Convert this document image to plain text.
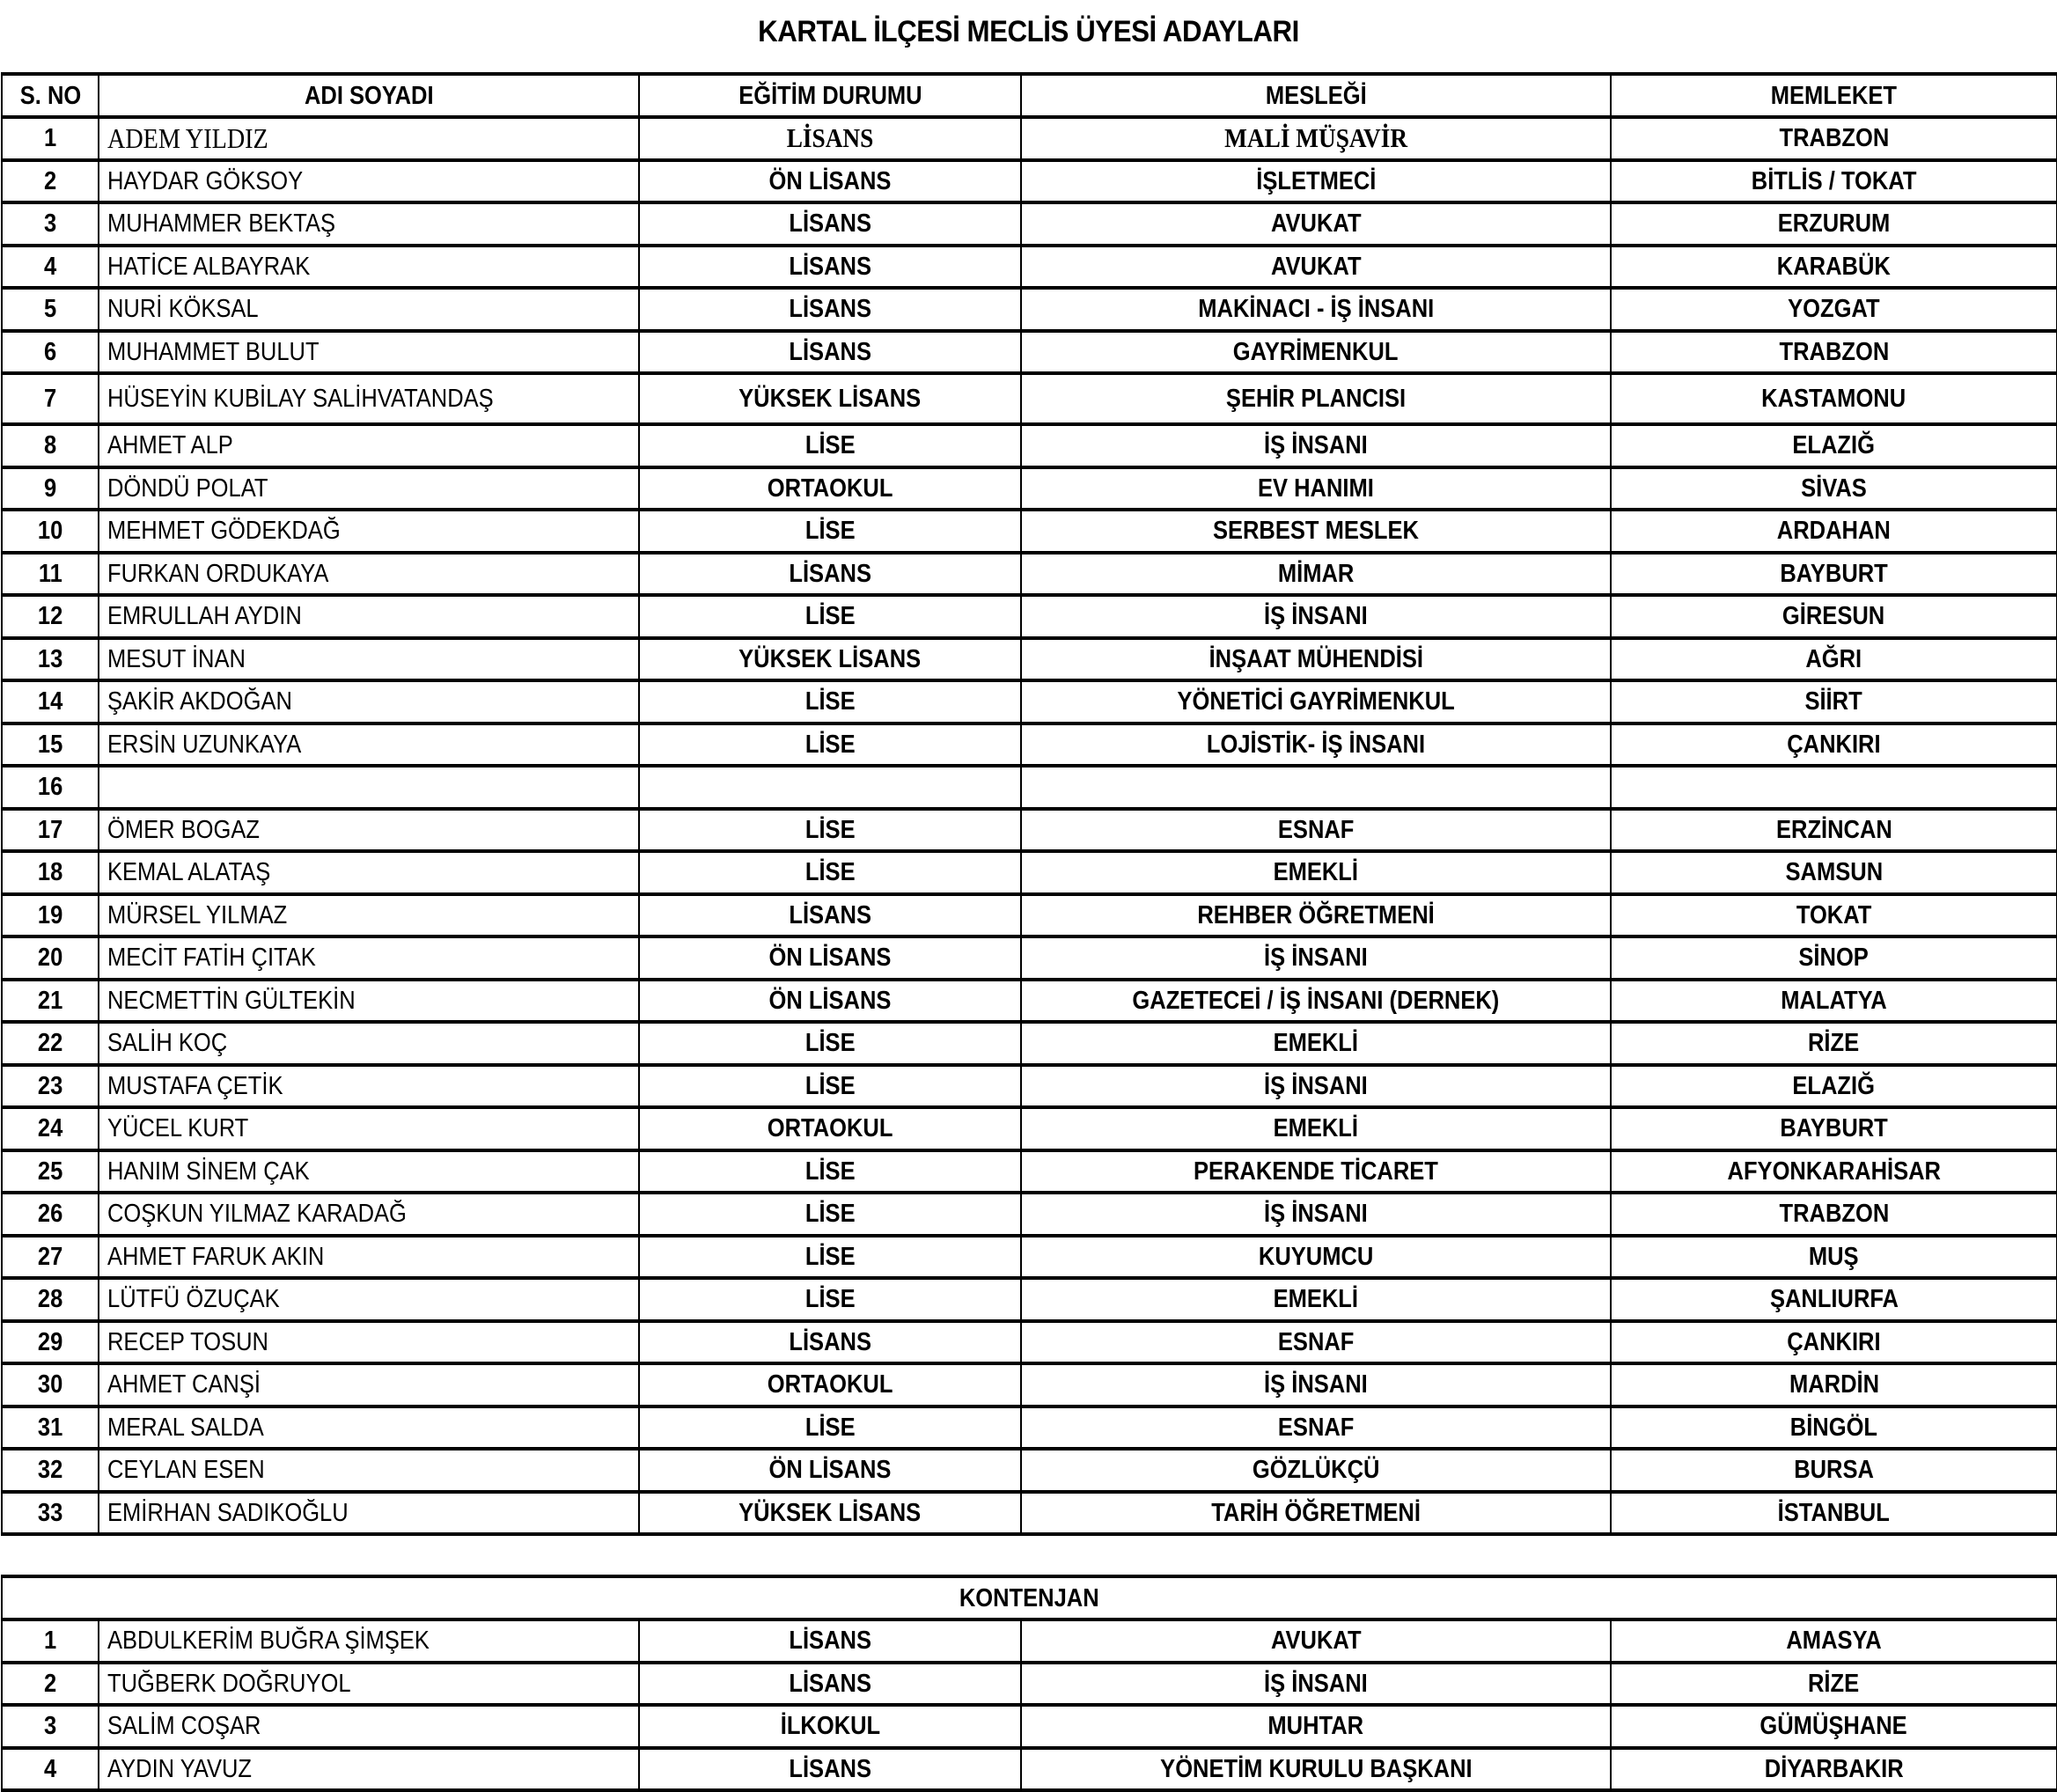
KARTAL İLÇESİ MECLİS ÜYESİ ADAYLARI
S. NO	ADI SOYADI	EĞİTİM DURUMU	MESLEĞİ	MEMLEKET
1	ADEM YILDIZ	LİSANS	MALİ MÜŞAVİR	TRABZON
2	HAYDAR GÖKSOY	ÖN LİSANS	İŞLETMECİ	BİTLİS / TOKAT
3	MUHAMMER BEKTAŞ	LİSANS	AVUKAT	ERZURUM
4	HATİCE ALBAYRAK	LİSANS	AVUKAT	KARABÜK
5	NURİ KÖKSAL	LİSANS	MAKİNACI - İŞ İNSANI	YOZGAT
6	MUHAMMET BULUT	LİSANS	GAYRİMENKUL	TRABZON
7	HÜSEYİN KUBİLAY SALİHVATANDAŞ	YÜKSEK LİSANS	ŞEHİR PLANCISI	KASTAMONU
8	AHMET ALP	LİSE	İŞ İNSANI	ELAZIĞ
9	DÖNDÜ POLAT	ORTAOKUL	EV HANIMI	SİVAS
10	MEHMET GÖDEKDAĞ	LİSE	SERBEST MESLEK	ARDAHAN
11	FURKAN ORDUKAYA	LİSANS	MİMAR	BAYBURT
12	EMRULLAH AYDIN	LİSE	İŞ İNSANI	GİRESUN
13	MESUT İNAN	YÜKSEK LİSANS	İNŞAAT MÜHENDİSİ	AĞRI
14	ŞAKİR AKDOĞAN	LİSE	YÖNETİCİ GAYRİMENKUL	SİİRT
15	ERSİN UZUNKAYA	LİSE	LOJİSTİK- İŞ İNSANI	ÇANKIRI
16				
17	ÖMER BOGAZ	LİSE	ESNAF	ERZİNCAN
18	KEMAL ALATAŞ	LİSE	EMEKLİ	SAMSUN
19	MÜRSEL YILMAZ	LİSANS	REHBER ÖĞRETMENİ	TOKAT
20	MECİT FATİH ÇITAK	ÖN LİSANS	İŞ İNSANI	SİNOP
21	NECMETTİN GÜLTEKİN	ÖN LİSANS	GAZETECEİ / İŞ İNSANI (DERNEK)	MALATYA
22	SALİH KOÇ	LİSE	EMEKLİ	RİZE
23	MUSTAFA ÇETİK	LİSE	İŞ İNSANI	ELAZIĞ
24	YÜCEL KURT	ORTAOKUL	EMEKLİ	BAYBURT
25	HANIM SİNEM ÇAK	LİSE	PERAKENDE TİCARET	AFYONKARAHİSAR
26	COŞKUN YILMAZ KARADAĞ	LİSE	İŞ İNSANI	TRABZON
27	AHMET FARUK AKIN	LİSE	KUYUMCU	MUŞ
28	LÜTFÜ ÖZUÇAK	LİSE	EMEKLİ	ŞANLIURFA
29	RECEP TOSUN	LİSANS	ESNAF	ÇANKIRI
30	AHMET CANŞİ	ORTAOKUL	İŞ İNSANI	MARDİN
31	MERAL SALDA	LİSE	ESNAF	BİNGÖL
32	CEYLAN ESEN	ÖN LİSANS	GÖZLÜKÇÜ	BURSA
33	EMİRHAN SADIKOĞLU	YÜKSEK LİSANS	TARİH ÖĞRETMENİ	İSTANBUL
KONTENJAN				
1	ABDULKERİM BUĞRA ŞİMŞEK	LİSANS	AVUKAT	AMASYA
2	TUĞBERK DOĞRUYOL	LİSANS	İŞ İNSANI	RİZE
3	SALİM COŞAR	İLKOKUL	MUHTAR	GÜMÜŞHANE
4	AYDIN YAVUZ	LİSANS	YÖNETİM KURULU BAŞKANI	DİYARBAKIR
